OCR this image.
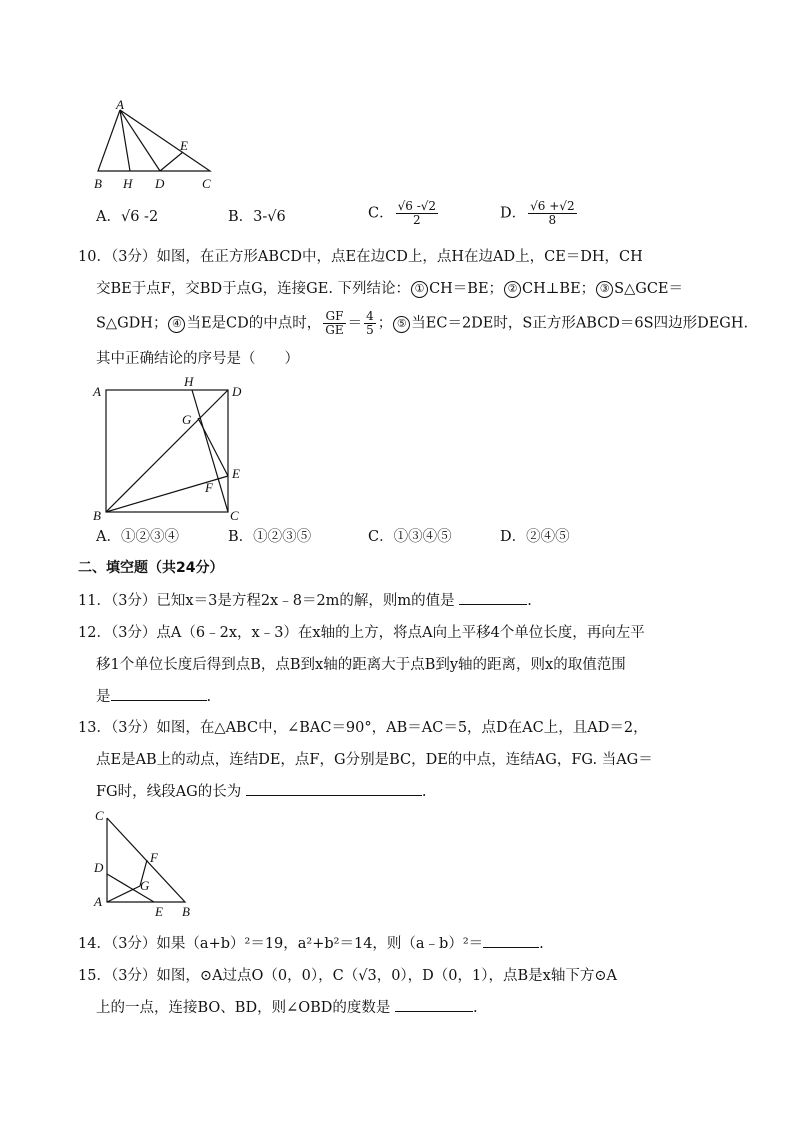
A
B H D
E
C
A．√6 -2	B．3-√6	C． $\frac{√6 -√2}{2}$	D． $\frac{√6 +√2}{8}$
10．（3分）如图，在正方形ABCD中，点E在边CD上，点H在边AD上，CE＝DH，CH
交BE于点F，交BD于点G，连接GE. 下列结论： ① CH＝BE； ② CH⊥BE； ③ S△GCE＝
S△GDH； ④ 当E是CD的中点时， $\frac{GF}{GE} = \frac{4}{5}$ ； ⑤ 当EC＝2DE时，S正方形ABCD＝6S四边形DEGH.
其中正确结论的序号是（　　）
A
H
D
G
E
F
B	C
A．①②③④	B．①②③⑤	C．①③④⑤	D．②④⑤
二、填空题（共24分）
11．（3分）已知x＝3是方程2x﹣8＝2m的解，则m的值是	.
12．（3分）点A（6﹣2x，x﹣3）在x轴的上方，将点A向上平移4个单位长度，再向左平
移1个单位长度后得到点B，点B到x轴的距离大于点B到y轴的距离，则x的取值范围
是	.
13．（3分）如图，在△ABC中，∠BAC＝90°，AB＝AC＝5，点D在AC上，且AD＝2，
点E是AB上的动点，连结DE，点F，G分别是BC，DE的中点，连结AG，FG. 当AG＝
FG时，线段AG的长为	.
C
F
D
G
A
E B
14．（3分）如果（a+b）²＝19，a²+b²＝14，则（a﹣b）²＝	.
15．（3分）如图，⊙A过点O（0，0），C（√3，0），D（0，1），点B是x轴下方⊙A
上的一点，连接BO、BD，则∠OBD的度数是	.
